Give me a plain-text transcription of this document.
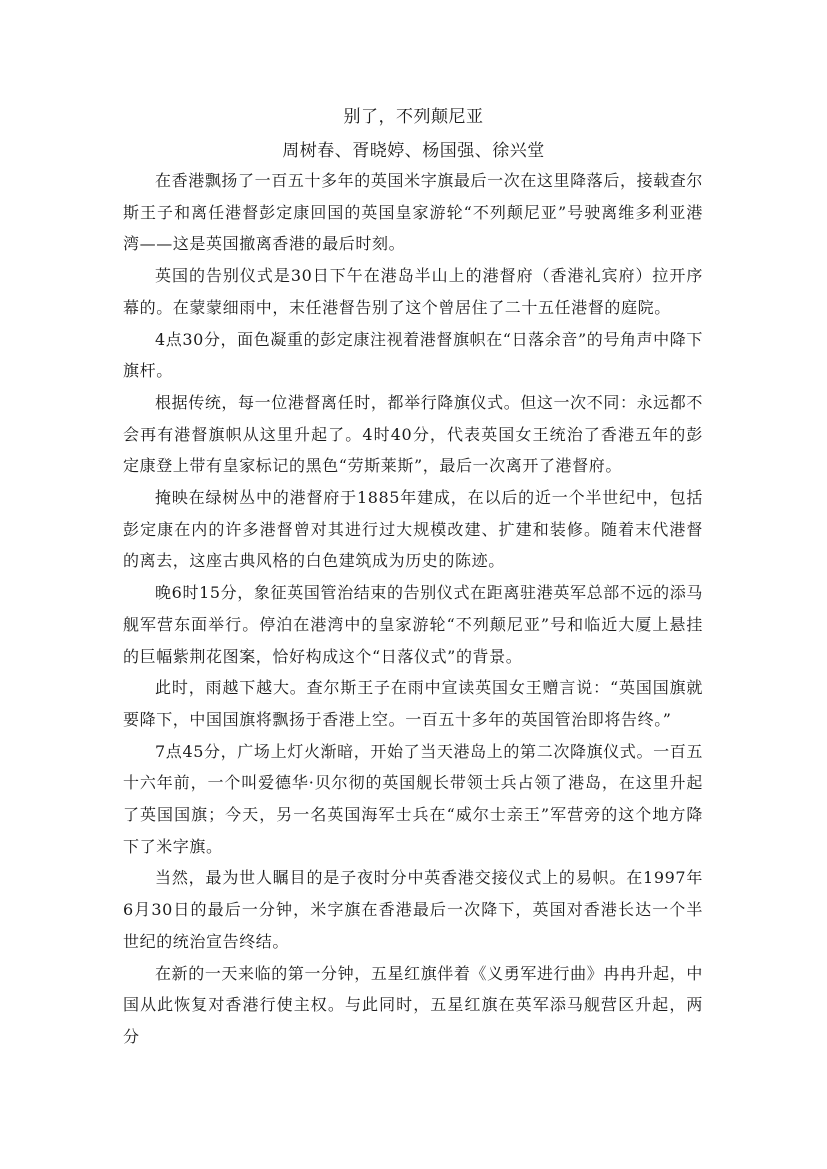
别了，不列颠尼亚
周树春、胥晓婷、杨国强、徐兴堂

在香港飘扬了一百五十多年的英国米字旗最后一次在这里降落后，接载查尔斯王子和离任港督彭定康回国的英国皇家游轮“不列颠尼亚”号驶离维多利亚港湾——这是英国撤离香港的最后时刻。

英国的告别仪式是30日下午在港岛半山上的港督府（香港礼宾府）拉开序幕的。在蒙蒙细雨中，末任港督告别了这个曾居住了二十五任港督的庭院。

4点30分，面色凝重的彭定康注视着港督旗帜在“日落余音”的号角声中降下旗杆。

根据传统，每一位港督离任时，都举行降旗仪式。但这一次不同：永远都不会再有港督旗帜从这里升起了。4时40分，代表英国女王统治了香港五年的彭定康登上带有皇家标记的黑色“劳斯莱斯”，最后一次离开了港督府。

掩映在绿树丛中的港督府于1885年建成，在以后的近一个半世纪中，包括彭定康在内的许多港督曾对其进行过大规模改建、扩建和装修。随着末代港督的离去，这座古典风格的白色建筑成为历史的陈迹。

晚6时15分，象征英国管治结束的告别仪式在距离驻港英军总部不远的添马舰军营东面举行。停泊在港湾中的皇家游轮“不列颠尼亚”号和临近大厦上悬挂的巨幅紫荆花图案，恰好构成这个“日落仪式”的背景。

此时，雨越下越大。查尔斯王子在雨中宣读英国女王赠言说：“英国国旗就要降下，中国国旗将飘扬于香港上空。一百五十多年的英国管治即将告终。”

7点45分，广场上灯火渐暗，开始了当天港岛上的第二次降旗仪式。一百五十六年前，一个叫爱德华·贝尔彻的英国舰长带领士兵占领了港岛，在这里升起了英国国旗；今天，另一名英国海军士兵在“威尔士亲王”军营旁的这个地方降下了米字旗。

当然，最为世人瞩目的是子夜时分中英香港交接仪式上的易帜。在1997年6月30日的最后一分钟，米字旗在香港最后一次降下，英国对香港长达一个半世纪的统治宣告终结。

在新的一天来临的第一分钟，五星红旗伴着《义勇军进行曲》冉冉升起，中国从此恢复对香港行使主权。与此同时，五星红旗在英军添马舰营区升起，两分
